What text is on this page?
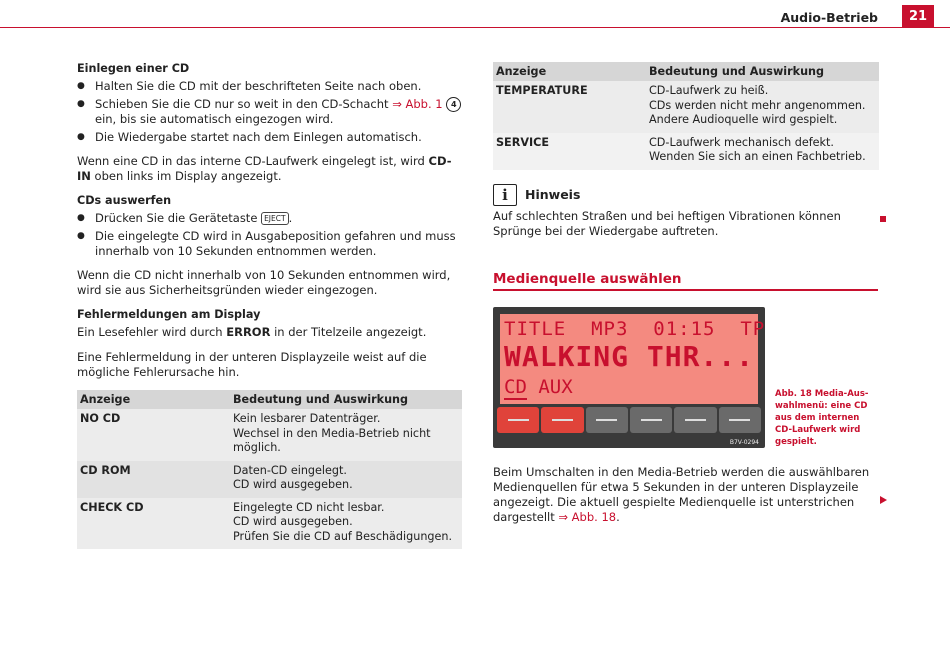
Audio-Betrieb	21
Einlegen einer CD
● Halten Sie die CD mit der beschrifteten Seite nach oben.
● Schieben Sie die CD nur so weit in den CD-Schacht ⇒ Abb. 1 4 ein, bis sie automatisch eingezogen wird.
● Die Wiedergabe startet nach dem Einlegen automatisch.

Wenn eine CD in das interne CD-Laufwerk eingelegt ist, wird CD-IN oben links im Display angezeigt.

CDs auswerfen
● Drücken Sie die Gerätetaste EJECT .
● Die eingelegte CD wird in Ausgabeposition gefahren und muss innerhalb von 10 Sekunden entnommen werden.

Wenn die CD nicht innerhalb von 10 Sekunden entnommen wird, wird sie aus Sicherheitsgründen wieder eingezogen.

Fehlermeldungen am Display

Ein Lesefehler wird durch ERROR in der Titelzeile angezeigt.

Eine Fehlermeldung in der unteren Displayzeile weist auf die mögliche Fehlerursache hin.

Anzeige	Bedeutung und Auswirkung
NO CD	Kein lesbarer Datenträger.
Wechsel in den Media-Betrieb nicht möglich.

CD ROM	Daten-CD eingelegt.
CD wird ausgegeben.

CHECK CD	Eingelegte CD nicht lesbar.
CD wird ausgegeben.
Prüfen Sie die CD auf Beschädigungen.
Anzeige	Bedeutung und Auswirkung
TEMPERATURE	CD-Laufwerk zu heiß.
CDs werden nicht mehr angenommen.
Andere Audioquelle wird gespielt.

SERVICE	CD-Laufwerk mechanisch defekt.
Wenden Sie sich an einen Fachbetrieb.
i	Hinweis

Auf schlechten Straßen und bei heftigen Vibrationen können Sprünge bei der Wiedergabe auftreten.

Medienquelle auswählen
TITLE  MP3  01:15  TP
WALKING THR...
CD AUX
B7V-0294
Abb. 18 Media-Auswahlmenü: eine CD aus dem internen CD-Laufwerk wird gespielt.
Beim Umschalten in den Media-Betrieb werden die auswählbaren Medienquellen für etwa 5 Sekunden in der unteren Displayzeile angezeigt. Die aktuell gespielte Medienquelle ist unterstrichen dargestellt ⇒ Abb. 18.
